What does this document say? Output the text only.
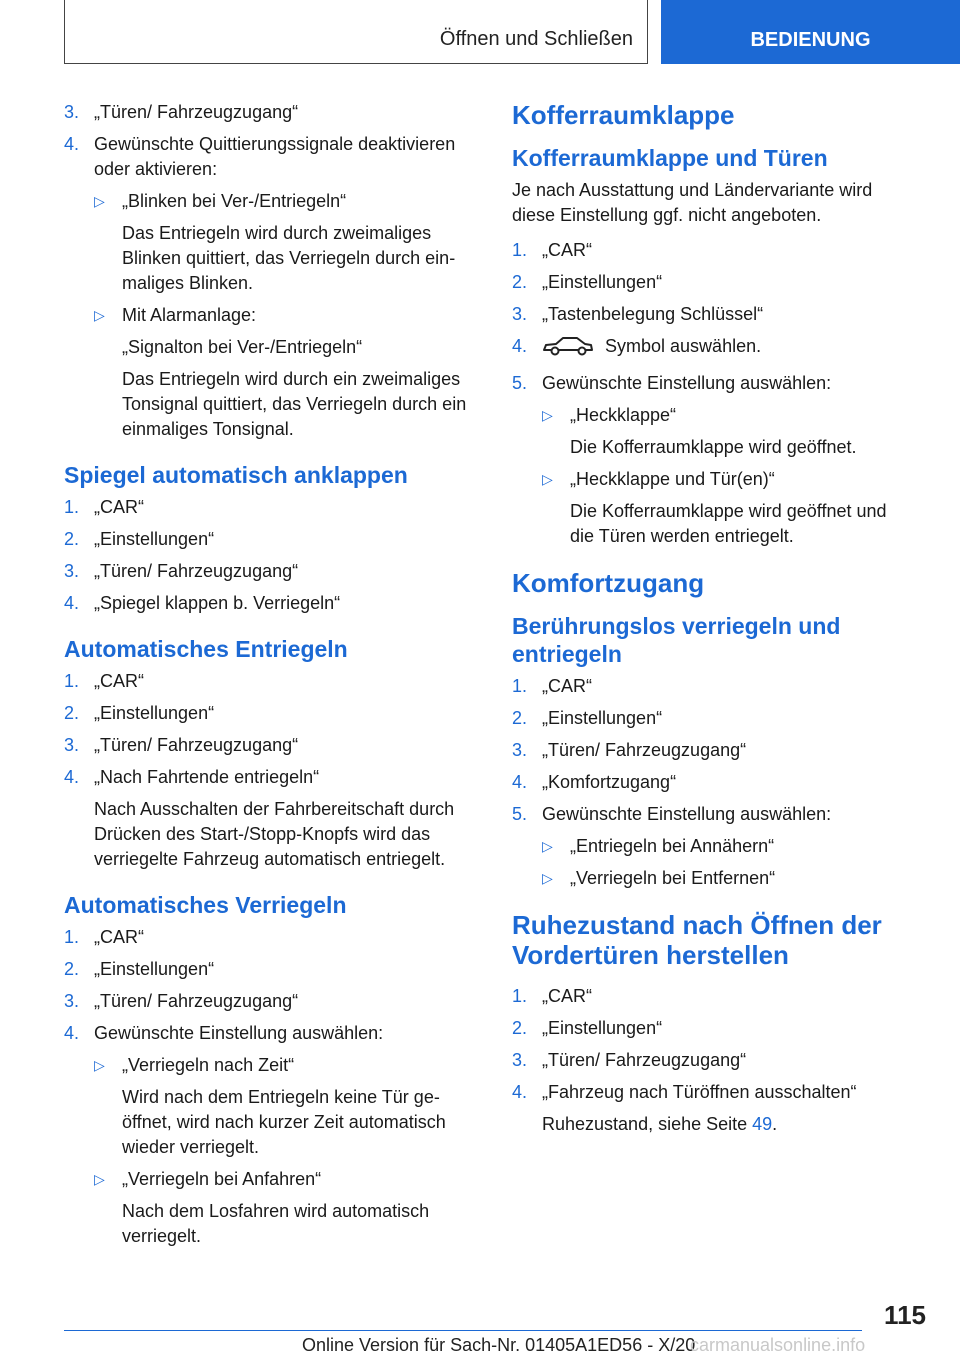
Öffnen und Schließen	BEDIENUNG
3. „Türen/ Fahrzeugzugang“
4. Gewünschte Quittierungssignale deaktivieren oder aktivieren:
▷ „Blinken bei Ver-/Entriegeln“
Das Entriegeln wird durch zweimaliges Blinken quittiert, das Verriegeln durch ein-maliges Blinken.
▷ Mit Alarmanlage:
„Signalton bei Ver-/Entriegeln“
Das Entriegeln wird durch ein zweimaliges Tonsignal quittiert, das Verriegeln durch ein einmaliges Tonsignal.
Spiegel automatisch anklappen
1. „CAR“
2. „Einstellungen“
3. „Türen/ Fahrzeugzugang“
4. „Spiegel klappen b. Verriegeln“
Automatisches Entriegeln
1. „CAR“
2. „Einstellungen“
3. „Türen/ Fahrzeugzugang“
4. „Nach Fahrtende entriegeln“
Nach Ausschalten der Fahrbereitschaft durch Drücken des Start-/Stopp-Knopfs wird das verriegelte Fahrzeug automatisch entriegelt.
Automatisches Verriegeln
1. „CAR“
2. „Einstellungen“
3. „Türen/ Fahrzeugzugang“
4. Gewünschte Einstellung auswählen:
▷ „Verriegeln nach Zeit“
Wird nach dem Entriegeln keine Tür ge-öffnet, wird nach kurzer Zeit automatisch wieder verriegelt.
▷ „Verriegeln bei Anfahren“
Nach dem Losfahren wird automatisch verriegelt.
Kofferraumklappe
Kofferraumklappe und Türen
Je nach Ausstattung und Ländervariante wird diese Einstellung ggf. nicht angeboten.
1. „CAR“
2. „Einstellungen“
3. „Tastenbelegung Schlüssel“
4.	Symbol auswählen.
5. Gewünschte Einstellung auswählen:
▷ „Heckklappe“
Die Kofferraumklappe wird geöffnet.
▷ „Heckklappe und Tür(en)“
Die Kofferraumklappe wird geöffnet und die Türen werden entriegelt.
Komfortzugang
Berührungslos verriegeln und entriegeln
1. „CAR“
2. „Einstellungen“
3. „Türen/ Fahrzeugzugang“
4. „Komfortzugang“
5. Gewünschte Einstellung auswählen:
▷ „Entriegeln bei Annähern“
▷ „Verriegeln bei Entfernen“
Ruhezustand nach Öffnen der Vordertüren herstellen
1. „CAR“
2. „Einstellungen“
3. „Türen/ Fahrzeugzugang“
4. „Fahrzeug nach Türöffnen ausschalten“
Ruhezustand, siehe Seite 49.
115
Online Version für Sach-Nr. 01405A1ED56 - X/20
carmanualsonline.info
